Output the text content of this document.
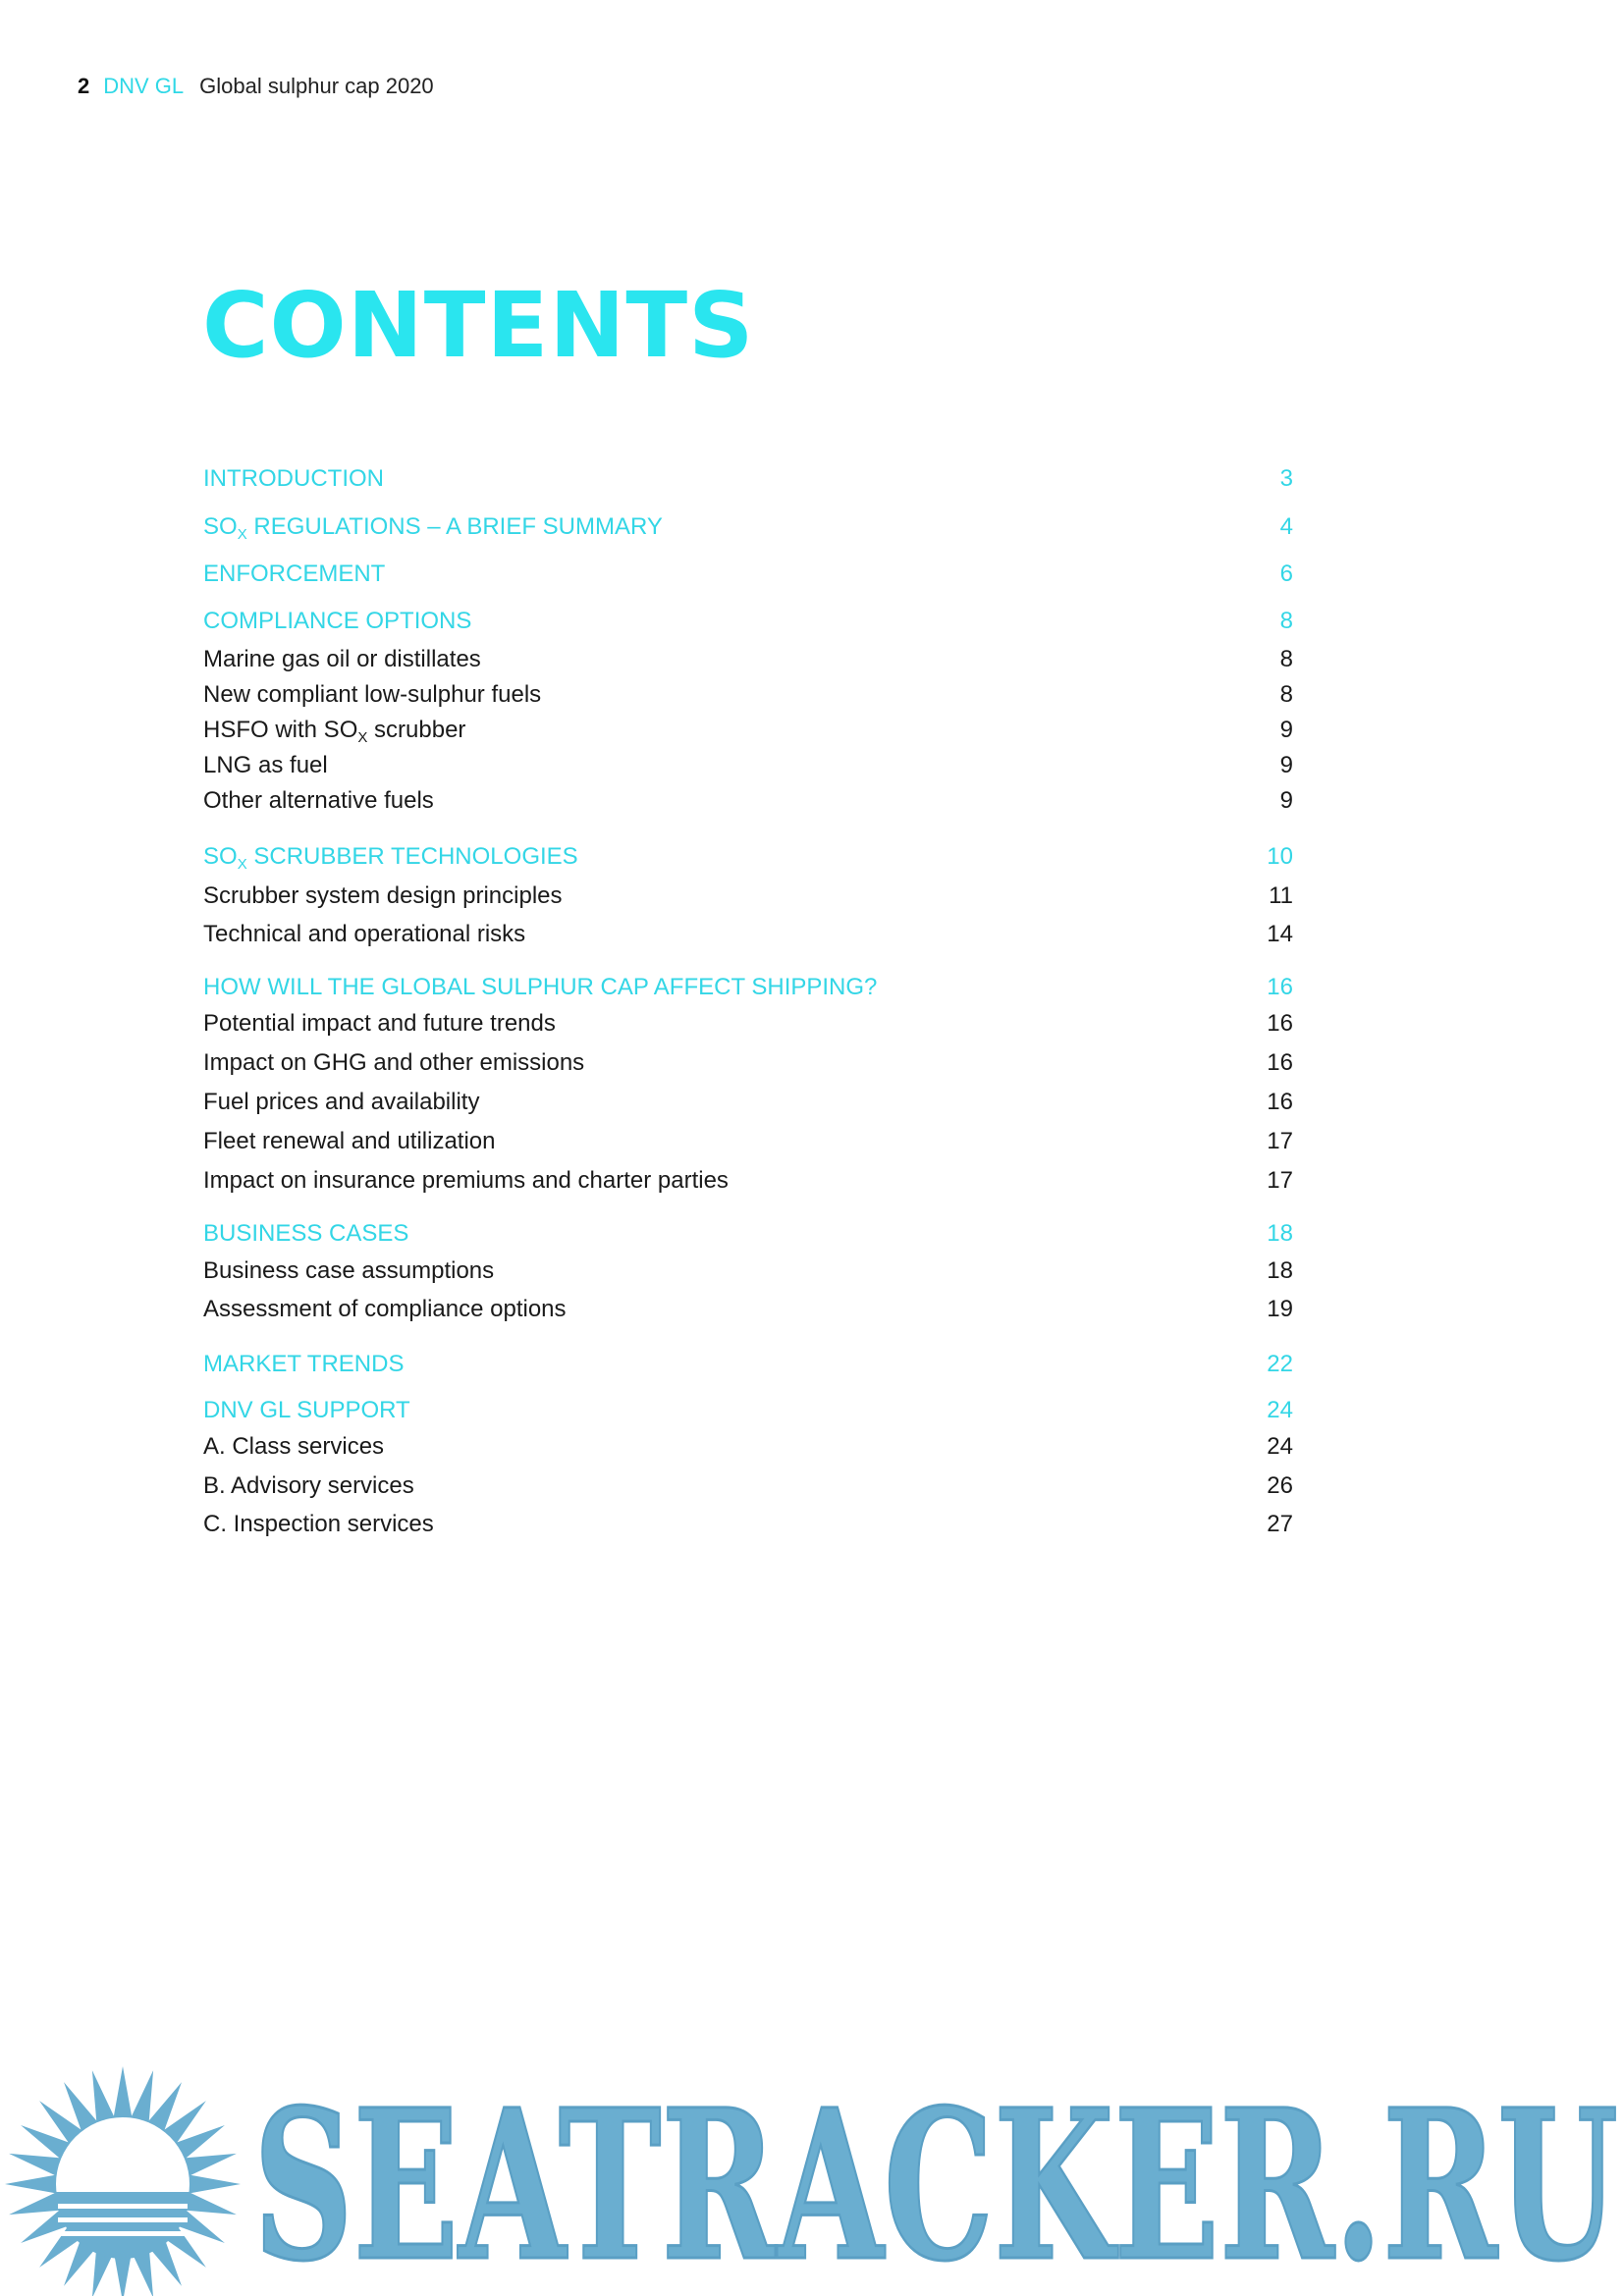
2 DNV GL Global sulphur cap 2020
CONTENTS
INTRODUCTION	3
$SO_X$ REGULATIONS – A BRIEF SUMMARY	4
ENFORCEMENT	6
COMPLIANCE OPTIONS	8
Marine gas oil or distillates	8
New compliant low-sulphur fuels	8
HSFO with $SO_X$ scrubber	9
LNG as fuel	9
Other alternative fuels	9
$SO_X$ SCRUBBER TECHNOLOGIES	10
Scrubber system design principles	11
Technical and operational risks	14
HOW WILL THE GLOBAL SULPHUR CAP AFFECT SHIPPING?	16
Potential impact and future trends	16
Impact on GHG and other emissions	16
Fuel prices and availability	16
Fleet renewal and utilization	17
Impact on insurance premiums and charter parties	17
BUSINESS CASES	18
Business case assumptions	18
Assessment of compliance options	19
MARKET TRENDS	22
DNV GL SUPPORT	24
A. Class services	24
B. Advisory services	26
C. Inspection services	27
SEATRACKER.RU
